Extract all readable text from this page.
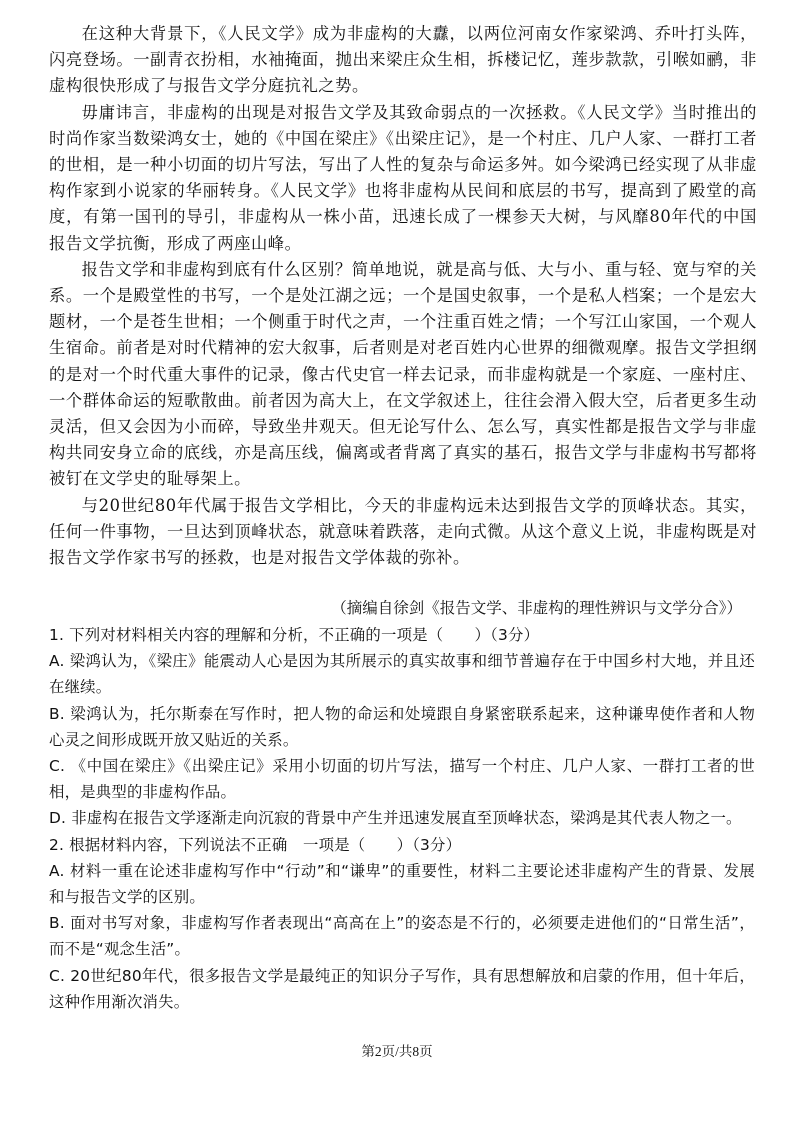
在这种大背景下，《人民文学》成为非虚构的大纛，以两位河南女作家梁鸿、乔叶打头阵，闪亮登场。一副青衣扮相，水袖掩面，抛出来梁庄众生相，拆楼记忆，莲步款款，引喉如鹂，非虚构很快形成了与报告文学分庭抗礼之势。

毋庸讳言，非虚构的出现是对报告文学及其致命弱点的一次拯救。《人民文学》当时推出的时尚作家当数梁鸿女士，她的《中国在梁庄》《出梁庄记》，是一个村庄、几户人家、一群打工者的世相，是一种小切面的切片写法，写出了人性的复杂与命运多舛。如今梁鸿已经实现了从非虚构作家到小说家的华丽转身。《人民文学》也将非虚构从民间和底层的书写，提高到了殿堂的高度，有第一国刊的导引，非虚构从一株小苗，迅速长成了一棵参天大树，与风靡80年代的中国报告文学抗衡，形成了两座山峰。

报告文学和非虚构到底有什么区别？简单地说，就是高与低、大与小、重与轻、宽与窄的关系。一个是殿堂性的书写，一个是处江湖之远；一个是国史叙事，一个是私人档案；一个是宏大题材，一个是苍生世相；一个侧重于时代之声，一个注重百姓之情；一个写江山家国，一个观人生宿命。前者是对时代精神的宏大叙事，后者则是对老百姓内心世界的细微观摩。报告文学担纲的是对一个时代重大事件的记录，像古代史官一样去记录，而非虚构就是一个家庭、一座村庄、一个群体命运的短歌散曲。前者因为高大上，在文学叙述上，往往会滑入假大空，后者更多生动灵活，但又会因为小而碎，导致坐井观天。但无论写什么、怎么写，真实性都是报告文学与非虚构共同安身立命的底线，亦是高压线，偏离或者背离了真实的基石，报告文学与非虚构书写都将被钉在文学史的耻辱架上。

与20世纪80年代属于报告文学相比，今天的非虚构远未达到报告文学的顶峰状态。其实，任何一件事物，一旦达到顶峰状态，就意味着跌落，走向式微。从这个意义上说，非虚构既是对报告文学作家书写的拯救，也是对报告文学体裁的弥补。

（摘编自徐剑《报告文学、非虚构的理性辨识与文学分合》）
1. 下列对材料相关内容的理解和分析，不正确的一项是（　　）（3分）
A. 梁鸿认为，《梁庄》能震动人心是因为其所展示的真实故事和细节普遍存在于中国乡村大地，并且还在继续。
B. 梁鸿认为，托尔斯泰在写作时，把人物的命运和处境跟自身紧密联系起来，这种谦卑使作者和人物心灵之间形成既开放又贴近的关系。
C. 《中国在梁庄》《出梁庄记》采用小切面的切片写法，描写一个村庄、几户人家、一群打工者的世相，是典型的非虚构作品。
D. 非虚构在报告文学逐渐走向沉寂的背景中产生并迅速发展直至顶峰状态，梁鸿是其代表人物之一。
2. 根据材料内容，下列说法不正确　一项是（　　）（3分）
A. 材料一重在论述非虚构写作中“行动”和“谦卑”的重要性，材料二主要论述非虚构产生的背景、发展和与报告文学的区别。
B. 面对书写对象，非虚构写作者表现出“高高在上”的姿态是不行的，必须要走进他们的“日常生活”，而不是“观念生活”。
C. 20世纪80年代，很多报告文学是最纯正的知识分子写作，具有思想解放和启蒙的作用，但十年后，这种作用渐次消失。
第2页/共8页
